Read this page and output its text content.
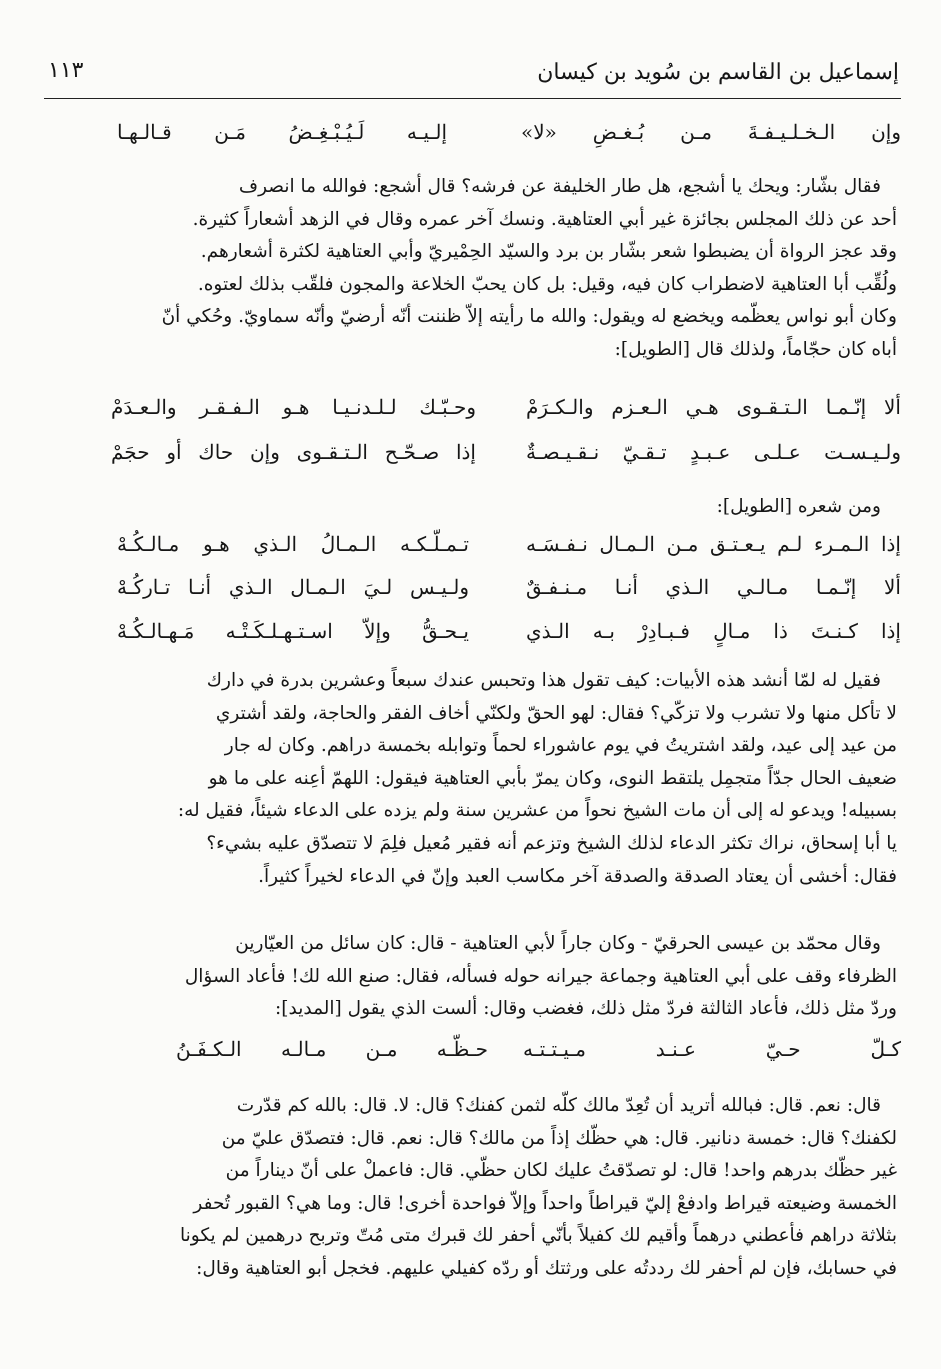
إسماعيل بن القاسم بن سُويد بن كيسان
١١٣
وإن الـخـلـيـفـةَ مـن بُـغـضِ «لا»
إلـيـه لَـيُـبْـغِـضُ مَـن قـالـهـا
فقال بشّار: ويحك يا أشجع، هل طار الخليفة عن فرشه؟ قال أشجع: فوالله ما انصرف
أحد عن ذلك المجلس بجائزة غير أبي العتاهية. ونسك آخر عمره وقال في الزهد أشعاراً كثيرة.
وقد عجز الرواة أن يضبطوا شعر بشّار بن برد والسيّد الحِمْيريّ وأبي العتاهية لكثرة أشعارهم.
ولُقِّب أبا العتاهية لاضطراب كان فيه، وقيل: بل كان يحبّ الخلاعة والمجون فلقّب بذلك لعتوه.
وكان أبو نواس يعظّمه ويخضع له ويقول: والله ما رأيته إلاّ ظننت أنّه أرضيّ وأنّه سماويّ. وحُكي أنّ
أباه كان حجّاماً، ولذلك قال [الطويل]:
ألا إنّـمـا الـتـقـوى هـي الـعـزم والـكـرَمْ
وحـبّـك لـلـدنـيـا هـو الـفـقـر والـعـدَمْ
ولـيـسـت عـلـى عـبـدٍ تـقـيّ نـقـيـصـةٌ
إذا صـحّـح الـتـقـوى وإن حاك أو حجَمْ
ومن شعره [الطويل]:
إذا الـمـرء لـم يـعـتـق مـن الـمـال نـفـسَـه
تـمـلّـكـه الـمـالُ الـذي هـو مـالـكُـهْ
ألا إنّـمـا مـالـي الـذي أنـا مـنـفـقٌ
ولـيـس لـيَ الـمـال الـذي أنـا تـاركُـهْ
إذا كـنـتَ ذا مـالٍ فـبـادِرْ بـه الـذي
يـحـقُّ وإلاّ اسـتـهـلـكَـتْـه مَـهـالـكُـهْ
فقيل له لمّا أنشد هذه الأبيات: كيف تقول هذا وتحبس عندك سبعاً وعشرين بدرة في دارك
لا تأكل منها ولا تشرب ولا تزكّي؟ فقال: لهو الحقّ ولكنّي أخاف الفقر والحاجة، ولقد أشتري
من عيد إلى عيد، ولقد اشتريتُ في يوم عاشوراء لحماً وتوابله بخمسة دراهم. وكان له جار
ضعيف الحال جدّاً متجمِل يلتقط النوى، وكان يمرّ بأبي العتاهية فيقول: اللهمّ أعِنه على ما هو
بسبيله! ويدعو له إلى أن مات الشيخ نحواً من عشرين سنة ولم يزده على الدعاء شيئاً، فقيل له:
يا أبا إسحاق، نراك تكثر الدعاء لذلك الشيخ وتزعم أنه فقير مُعيل فلِمَ لا تتصدّق عليه بشيء؟
فقال: أخشى أن يعتاد الصدقة والصدقة آخر مكاسب العبد وإنّ في الدعاء لخيراً كثيراً.
وقال محمّد بن عيسى الحرقيّ - وكان جاراً لأبي العتاهية - قال: كان سائل من العيّارين
الظرفاء وقف على أبي العتاهية وجماعة جيرانه حوله فسأله، فقال: صنع الله لك! فأعاد السؤال
وردّ مثل ذلك، فأعاد الثالثة فردّ مثل ذلك، فغضب وقال: ألست الذي يقول [المديد]:
كـلّ حـيّ عـنـد مـيـتـتـه
حـظّـه مـن مـالـه الـكـفَـنُ
قال: نعم. قال: فبالله أتريد أن تُعِدّ مالك كلّه لثمن كفنك؟ قال: لا. قال: بالله كم قدّرت
لكفنك؟ قال: خمسة دنانير. قال: هي حظّك إذاً من مالك؟ قال: نعم. قال: فتصدّق عليّ من
غير حظّك بدرهم واحد! قال: لو تصدّقتُ عليك لكان حظّي. قال: فاعملْ على أنّ ديناراً من
الخمسة وضيعته قيراط وادفعْ إليّ قيراطاً واحداً وإلاّ فواحدة أخرى! قال: وما هي؟ القبور تُحفر
بثلاثة دراهم فأعطني درهماً وأقيم لك كفيلاً بأنّي أحفر لك قبرك متى مُتّ وتربح درهمين لم يكونا
في حسابك، فإن لم أحفر لك رددتُه على ورثتك أو ردّه كفيلي عليهم. فخجل أبو العتاهية وقال:
